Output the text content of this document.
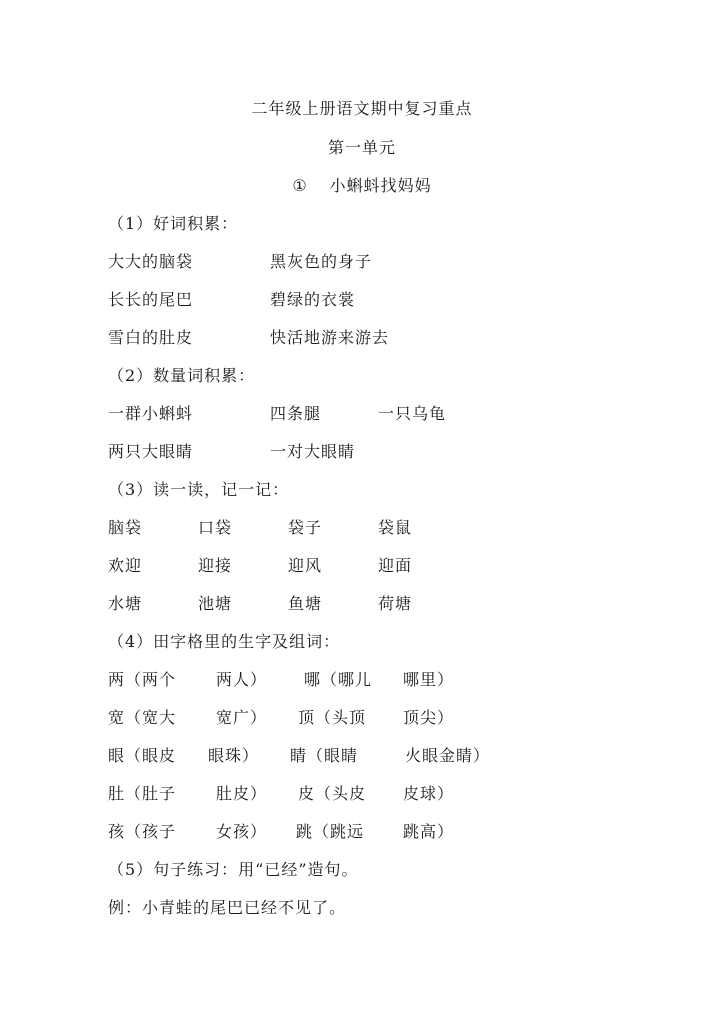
二年级上册语文期中复习重点
第一单元
① 小蝌蚪找妈妈
（1）好词积累：
大大的脑袋	黑灰色的身子
长长的尾巴	碧绿的衣裳
雪白的肚皮	快活地游来游去
（2）数量词积累：
一群小蝌蚪	四条腿	一只乌龟
两只大眼睛	一对大眼睛
（3）读一读，记一记：
脑袋	口袋	袋子	袋鼠
欢迎	迎接	迎风	迎面
水塘	池塘	鱼塘	荷塘
（4）田字格里的生字及组词：
两（两个 两人） 哪（哪儿 哪里）
宽（宽大 宽广） 顶（头顶 顶尖）
眼（眼皮 眼珠） 睛（眼睛	火眼金睛）
肚（肚子 肚皮） 皮（头皮 皮球）
孩（孩子 女孩） 跳（跳远 跳高）
（5）句子练习：用“已经”造句。
例：小青蛙的尾巴已经不见了。
